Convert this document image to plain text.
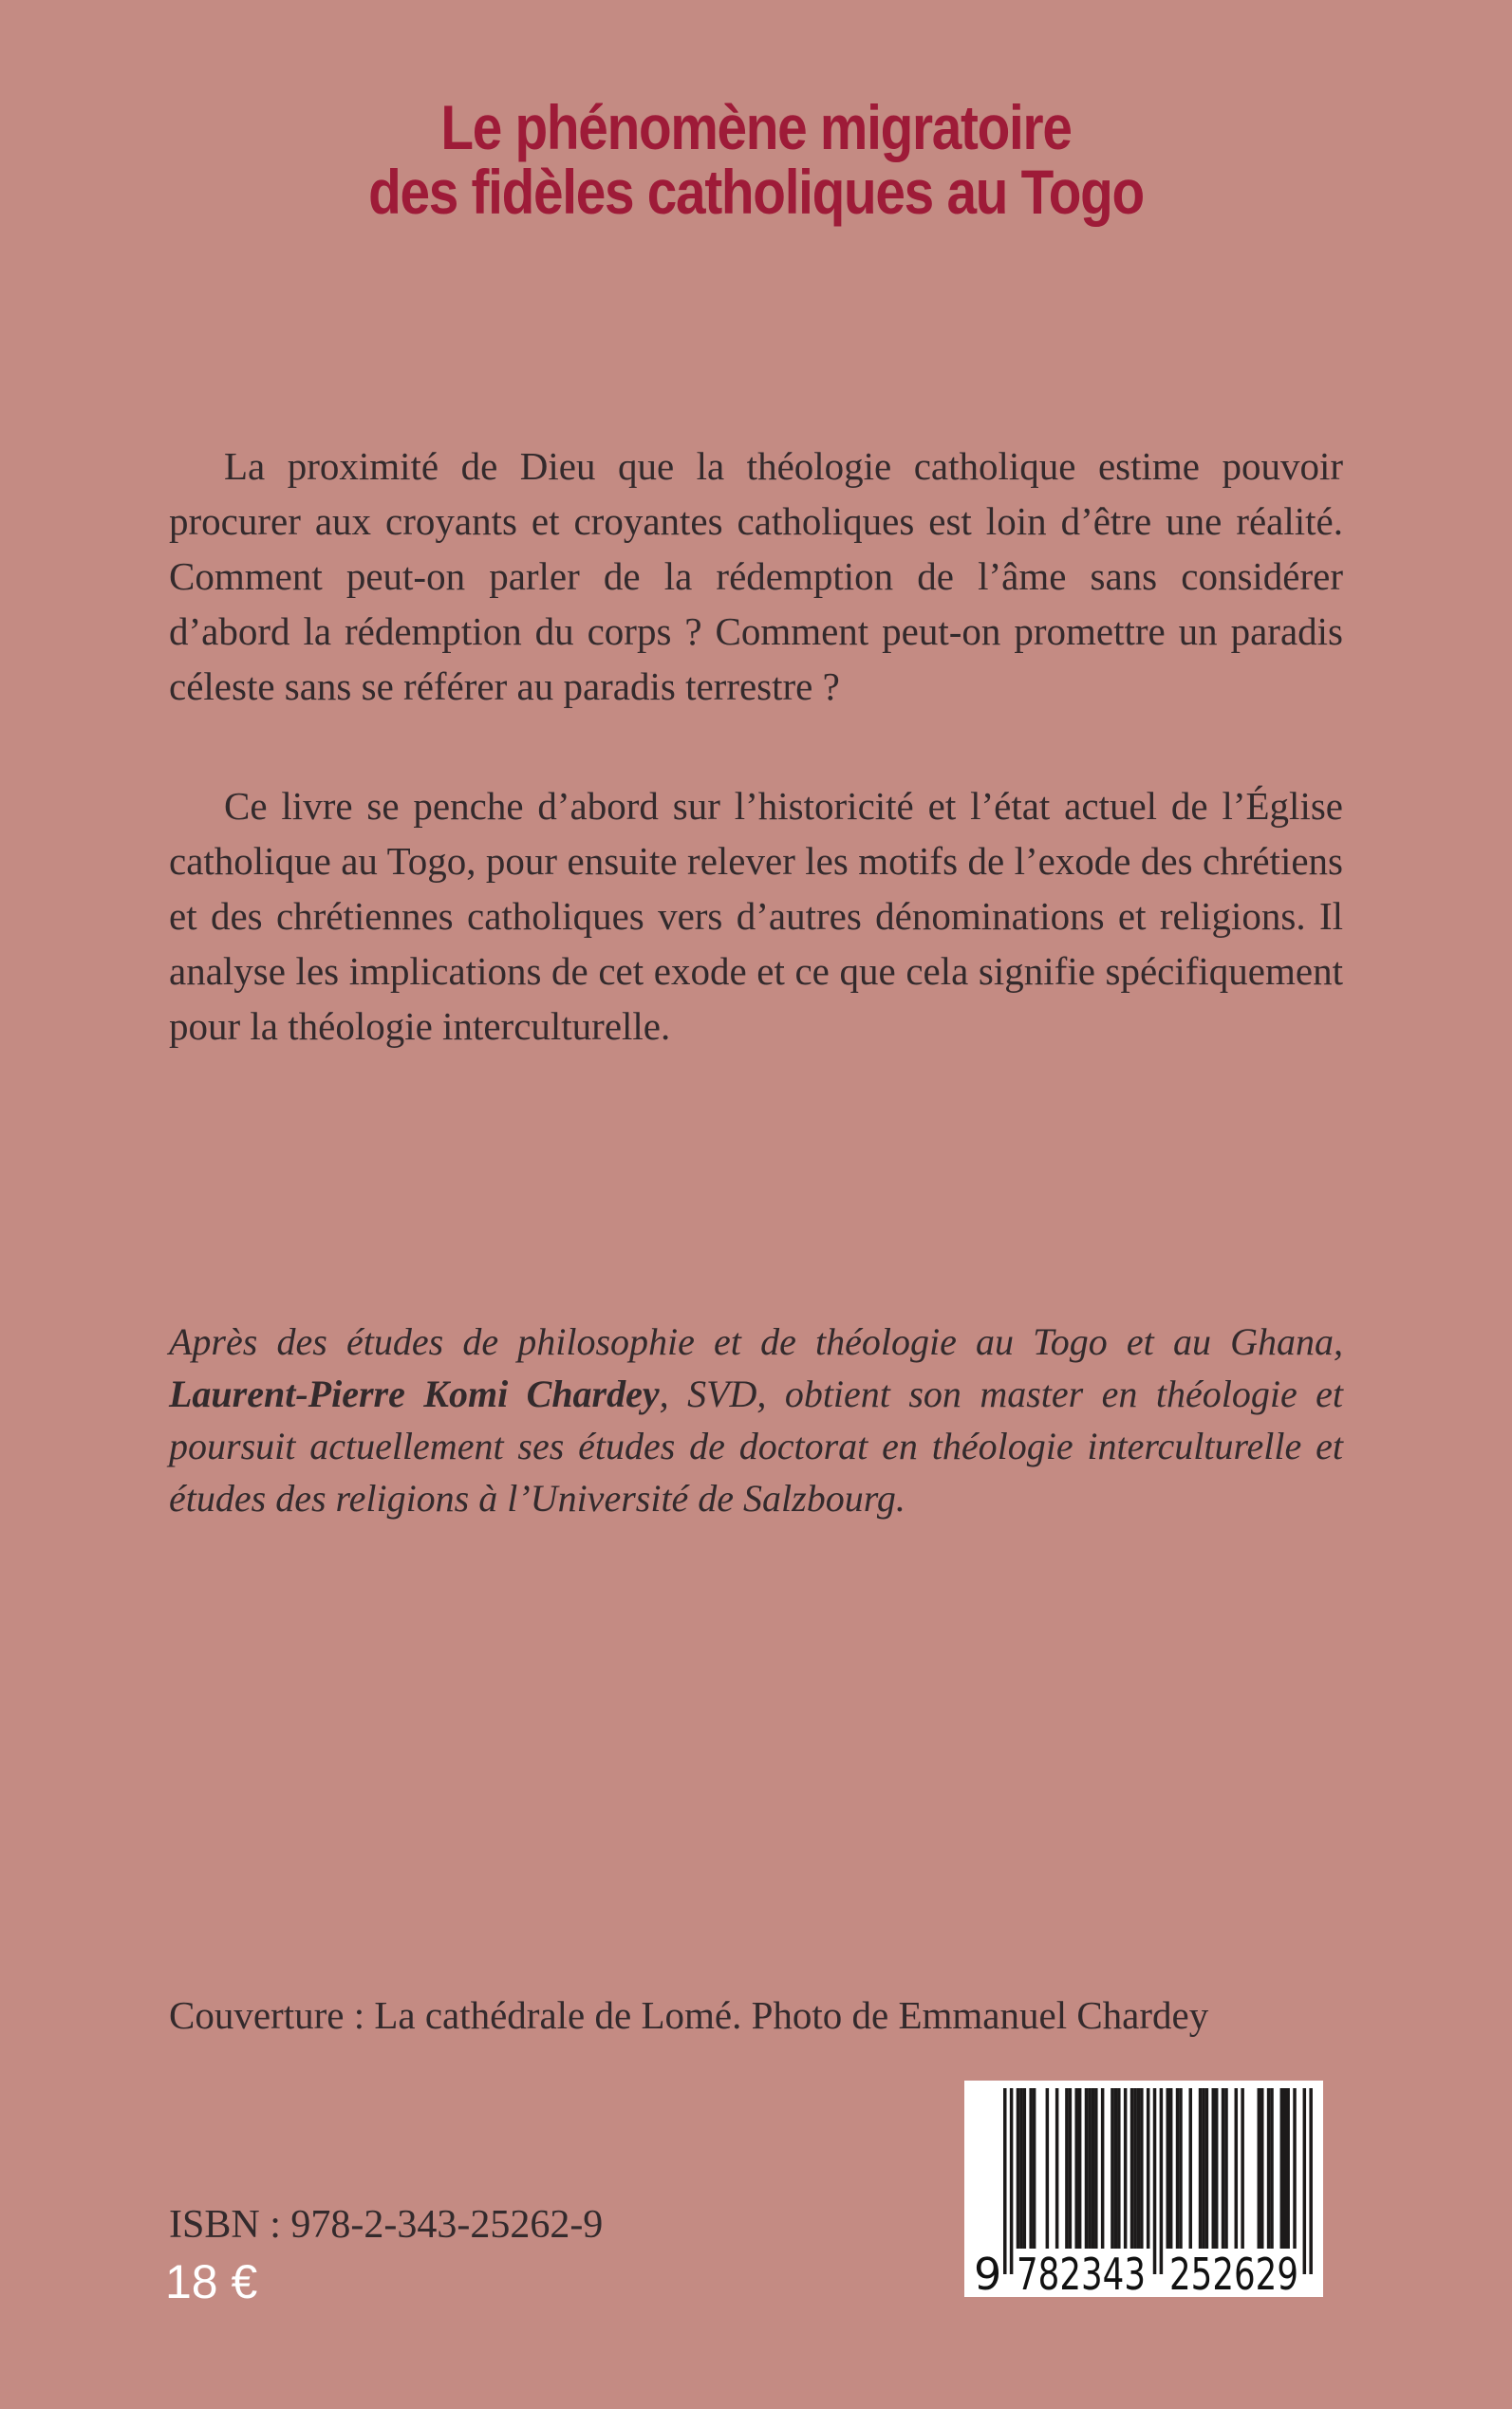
Le phénomène migratoire
des fidèles catholiques au Togo

La proximité de Dieu que la théologie catholique estime pouvoir procurer aux croyants et croyantes catholiques est loin d’être une réalité. Comment peut-on parler de la rédemption de l’âme sans considérer d’abord la rédemption du corps ? Comment peut-on promettre un paradis céleste sans se référer au paradis terrestre ?

Ce livre se penche d’abord sur l’historicité et l’état actuel de l’Église catholique au Togo, pour ensuite relever les motifs de l’exode des chrétiens et des chrétiennes catholiques vers d’autres dénominations et religions. Il analyse les implications de cet exode et ce que cela signifie spécifiquement pour la théologie interculturelle.

Après des études de philosophie et de théologie au Togo et au Ghana, Laurent-Pierre Komi Chardey, SVD, obtient son master en théologie et poursuit actuellement ses études de doctorat en théologie interculturelle et études des religions à l’Université de Salzbourg.

Couverture : La cathédrale de Lomé. Photo de Emmanuel Chardey

ISBN : 978-2-343-25262-9

18 €	9 782343 252629
